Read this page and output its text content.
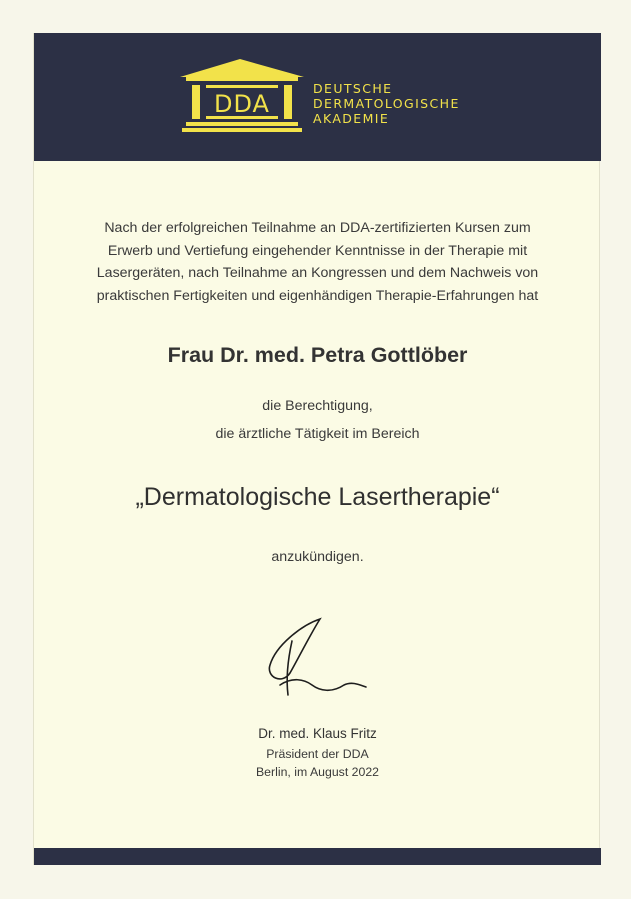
DDA
DEUTSCHE
DERMATOLOGISCHE
AKADEMIE
Nach der erfolgreichen Teilnahme an DDA-zertifizierten Kursen zum
Erwerb und Vertiefung eingehender Kenntnisse in der Therapie mit
Lasergeräten, nach Teilnahme an Kongressen und dem Nachweis von
praktischen Fertigkeiten und eigenhändigen Therapie-Erfahrungen hat
Frau Dr. med. Petra Gottlöber
die Berechtigung,
die ärztliche Tätigkeit im Bereich
„Dermatologische Lasertherapie“
anzukündigen.
Dr. med. Klaus Fritz
Präsident der DDA
Berlin, im August 2022
